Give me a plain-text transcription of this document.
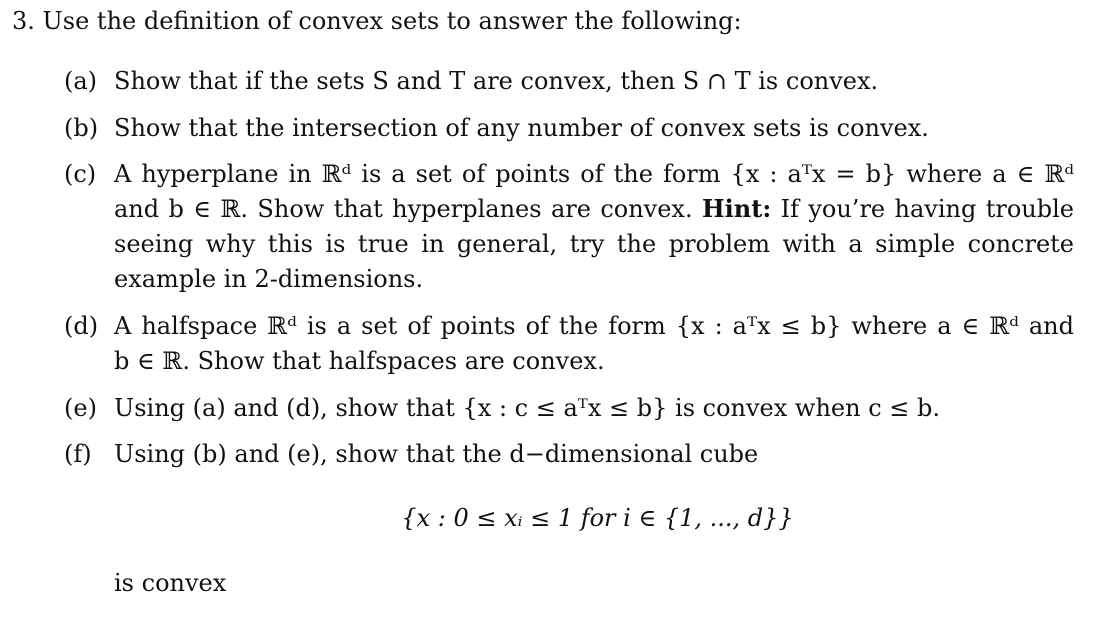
3. Use the definition of convex sets to answer the following:
(a) Show that if the sets S and T are convex, then S ∩ T is convex.
(b) Show that the intersection of any number of convex sets is convex.
(c) A hyperplane in ℝᵈ is a set of points of the form {x : aᵀx = b} where a ∈ ℝᵈ
and b ∈ ℝ. Show that hyperplanes are convex. Hint: If you’re having trouble
seeing why this is true in general, try the problem with a simple concrete
example in 2-dimensions.
(d) A halfspace ℝᵈ is a set of points of the form {x : aᵀx ≤ b} where a ∈ ℝᵈ and
b ∈ ℝ. Show that halfspaces are convex.
(e) Using (a) and (d), show that {x : c ≤ aᵀx ≤ b} is convex when c ≤ b.
(f) Using (b) and (e), show that the d−dimensional cube
{x : 0 ≤ xᵢ ≤ 1 for i ∈ {1, ..., d}}
is convex
